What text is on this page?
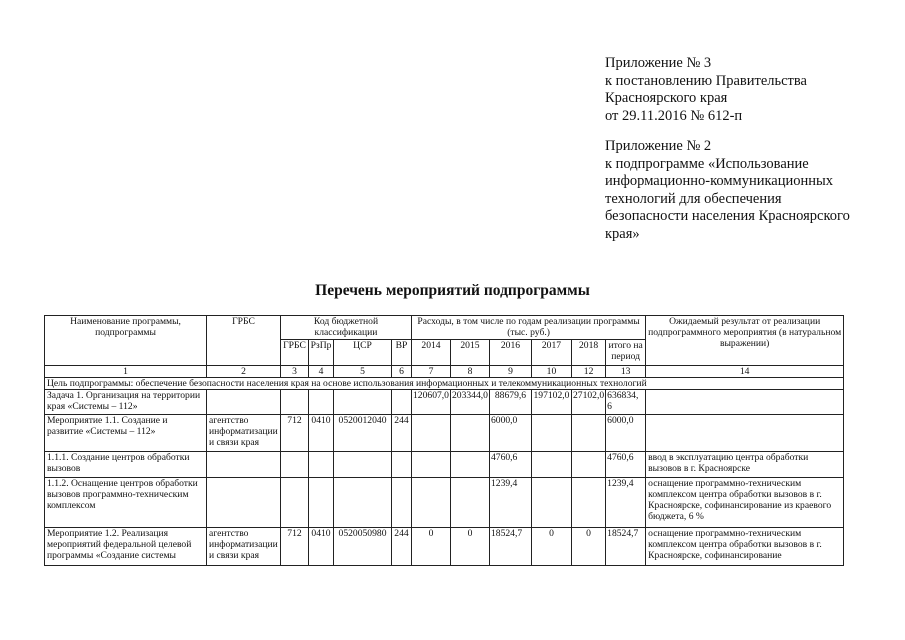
Приложение № 3
к постановлению Правительства
Красноярского края
от 29.11.2016 № 612-п
Приложение № 2
к подпрограмме «Использование
информационно-коммуникационных
технологий для обеспечения
безопасности населения Красноярского
края»
Перечень мероприятий подпрограммы
Наименование программы, подпрограммы	ГРБС	Код бюджетной классификации				Расходы, в том числе по годам реализации программы (тыс. руб.)						Ожидаемый результат от реализации подпрограммного мероприятия (в натуральном выражении)
		ГРБС	РзПр	ЦСР	ВР	2014	2015	2016	2017	2018	итого на период	
1	2	3	4	5	6	7	8	9	10	12	13	14
Цель подпрограммы: обеспечение безопасности населения края на основе использования информационных и телекоммуникационных технологий												
Задача 1. Организация на территории края «Системы – 112»						120607,0	203344,0	88679,6	197102,0	27102,0	636834, 6	
Мероприятие 1.1. Создание и развитие «Системы – 112»	агентство информатизации и связи края	712	0410	0520012040	244			6000,0			6000,0	
1.1.1. Создание центров обработки вызовов								4760,6			4760,6	ввод в эксплуатацию центра обработки вызовов в г. Красноярске
1.1.2. Оснащение центров обработки вызовов программно-техническим комплексом								1239,4			1239,4	оснащение программно-техническим комплексом центра обработки вызовов в г. Красноярске, софинансирование из краевого бюджета, 6 %
Мероприятие 1.2. Реализация мероприятий федеральной целевой программы «Создание системы	агентство информатизации и связи края	712	0410	0520050980	244	0	0	18524,7	0	0	18524,7	оснащение программно-техническим комплексом центра обработки вызовов в г. Красноярске, софинансирование
